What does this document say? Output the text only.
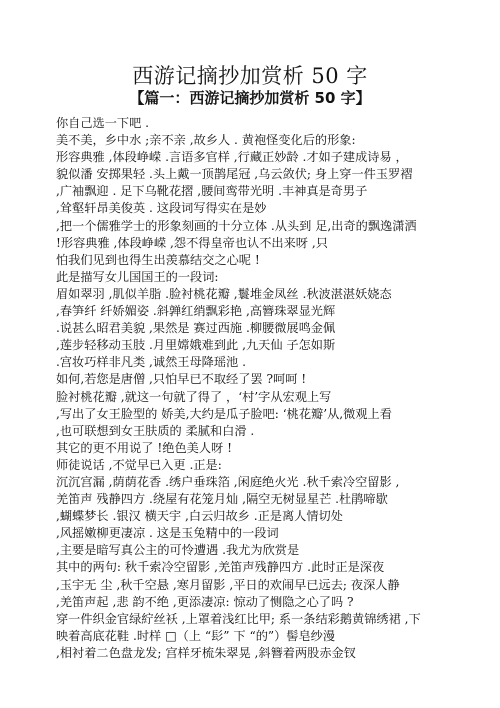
西游记摘抄加赏析 50 字
【篇一：西游记摘抄加赏析 50 字】
你自己选一下吧 .
美不美，乡中水 ;亲不亲 ,故乡人 . 黄袍怪变化后的形象:
形容典雅 ,体段峥嵘 .言语多官样 ,行藏正妙龄 .才如子建成诗易 ，
貌似潘 安掷果轻 .头上戴一顶鹊尾冠 ,乌云敛伏; 身上穿一件玉罗褶
,广袖飘迎 . 足下乌靴花摺 ,腰间鸾带光明 .丰神真是奇男子
,耸壑轩昂美俊英 . 这段词写得实在是妙
,把一个儒雅学士的形象刻画的十分立体 .从头到 足,出奇的飘逸潇洒
!形容典雅 ,体段峥嵘 ,怨不得皇帝也认不出来呀 ,只
怕我们见到也得生出羡慕结交之心呢 !
此是描写女儿国国王的一段词:
眉如翠羽 ,肌似羊脂 .脸衬桃花瓣 ,鬟堆金凤丝 .秋波湛湛妖娆态
,春笋纤 纤娇媚姿 .斜亸红绡飘彩艳 ,高簪珠翠显光辉
.说甚么昭君美貌 ,果然是 赛过西施 .柳腰微展鸣金佩
,莲步轻移动玉肢 .月里嫦娥难到此 ,九天仙 子怎如斯
.宫妆巧样非凡类 ,诚然王母降瑶池 .
如何,若您是唐僧 ,只怕早已不取经了罢 ?呵呵 !
脸衬桃花瓣 ,就这一句就了得了 ，‘村’字从宏观上写
,写出了女王脸型的 娇美,大约是瓜子脸吧: ‘桃花瓣’从,微观上看
,也可联想到女王肤质的 柔腻和白滑 .
其它的更不用说了 !绝色美人呀 !
师徒说话 ,不觉早已入更 .正是:
沉沉宫漏 ,荫荫花香 .绣户垂珠箔 ,闲庭绝火光 .秋千索冷空留影 ,
羌笛声 残静四方 .绕屋有花笼月灿 ,隔空无树显星芒 .杜鹃啼歇
,蝴蝶梦长 .银汉 横天宇 ,白云归故乡 .正是离人情切处
,风摇嫩柳更凄凉 . 这是玉兔精中的一段词
,主要是暗写真公主的可怜遭遇 .我尤为欣赏是
其中的两句: 秋千索冷空留影 ,羌笛声残静四方 .此时正是深夜
,玉宇无 尘 ,秋千空悬 ,寒月留影 ,平日的欢闹早已远去; 夜深人静
,羌笛声起 ,悲 韵不绝 ,更添凄凉: 惊动了恻隐之心了吗 ?
穿一件织金官绿紵丝袄 ,上罩着浅红比甲; 系一条结彩鹅黄锦绣裙 ,下
映着高底花鞋 .时样 □（上 “髟” 下 “的”）髻皂纱漫
,相衬着二色盘龙发; 宫样牙梳朱翠晃 ,斜簪着两股赤金钗
